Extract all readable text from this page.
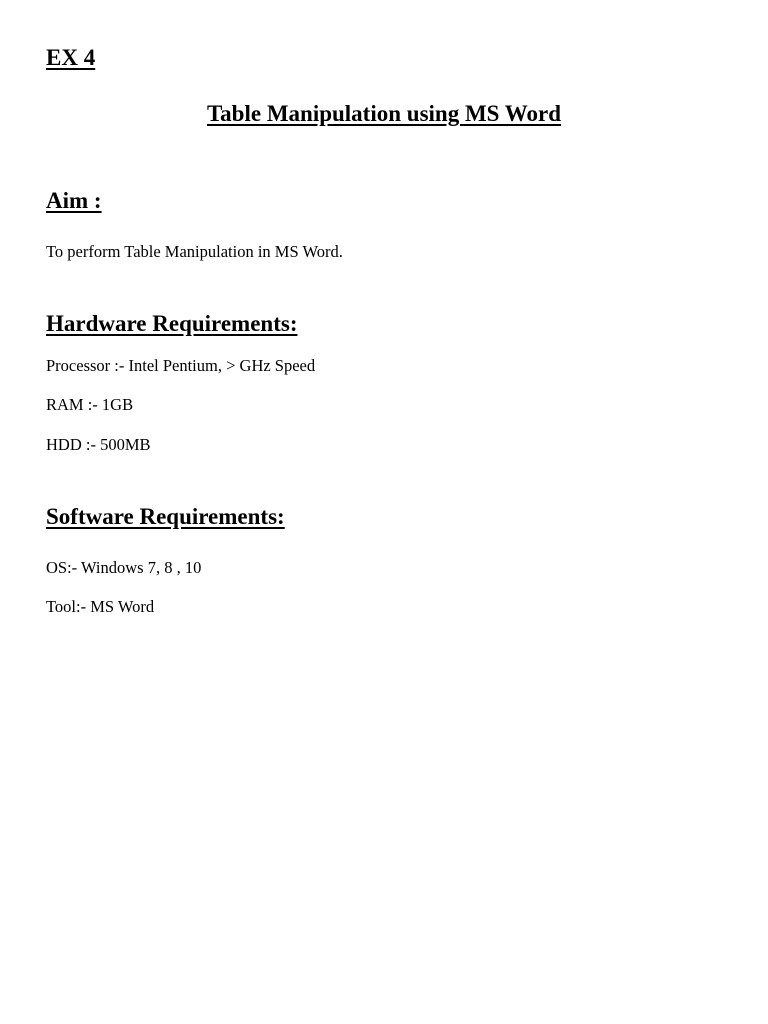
EX 4
Table Manipulation using MS Word
Aim :
To perform Table Manipulation in MS Word.
Hardware Requirements:
Processor :- Intel Pentium, > GHz Speed
RAM :- 1GB
HDD :- 500MB
Software Requirements:
OS:- Windows 7, 8 , 10
Tool:- MS Word
